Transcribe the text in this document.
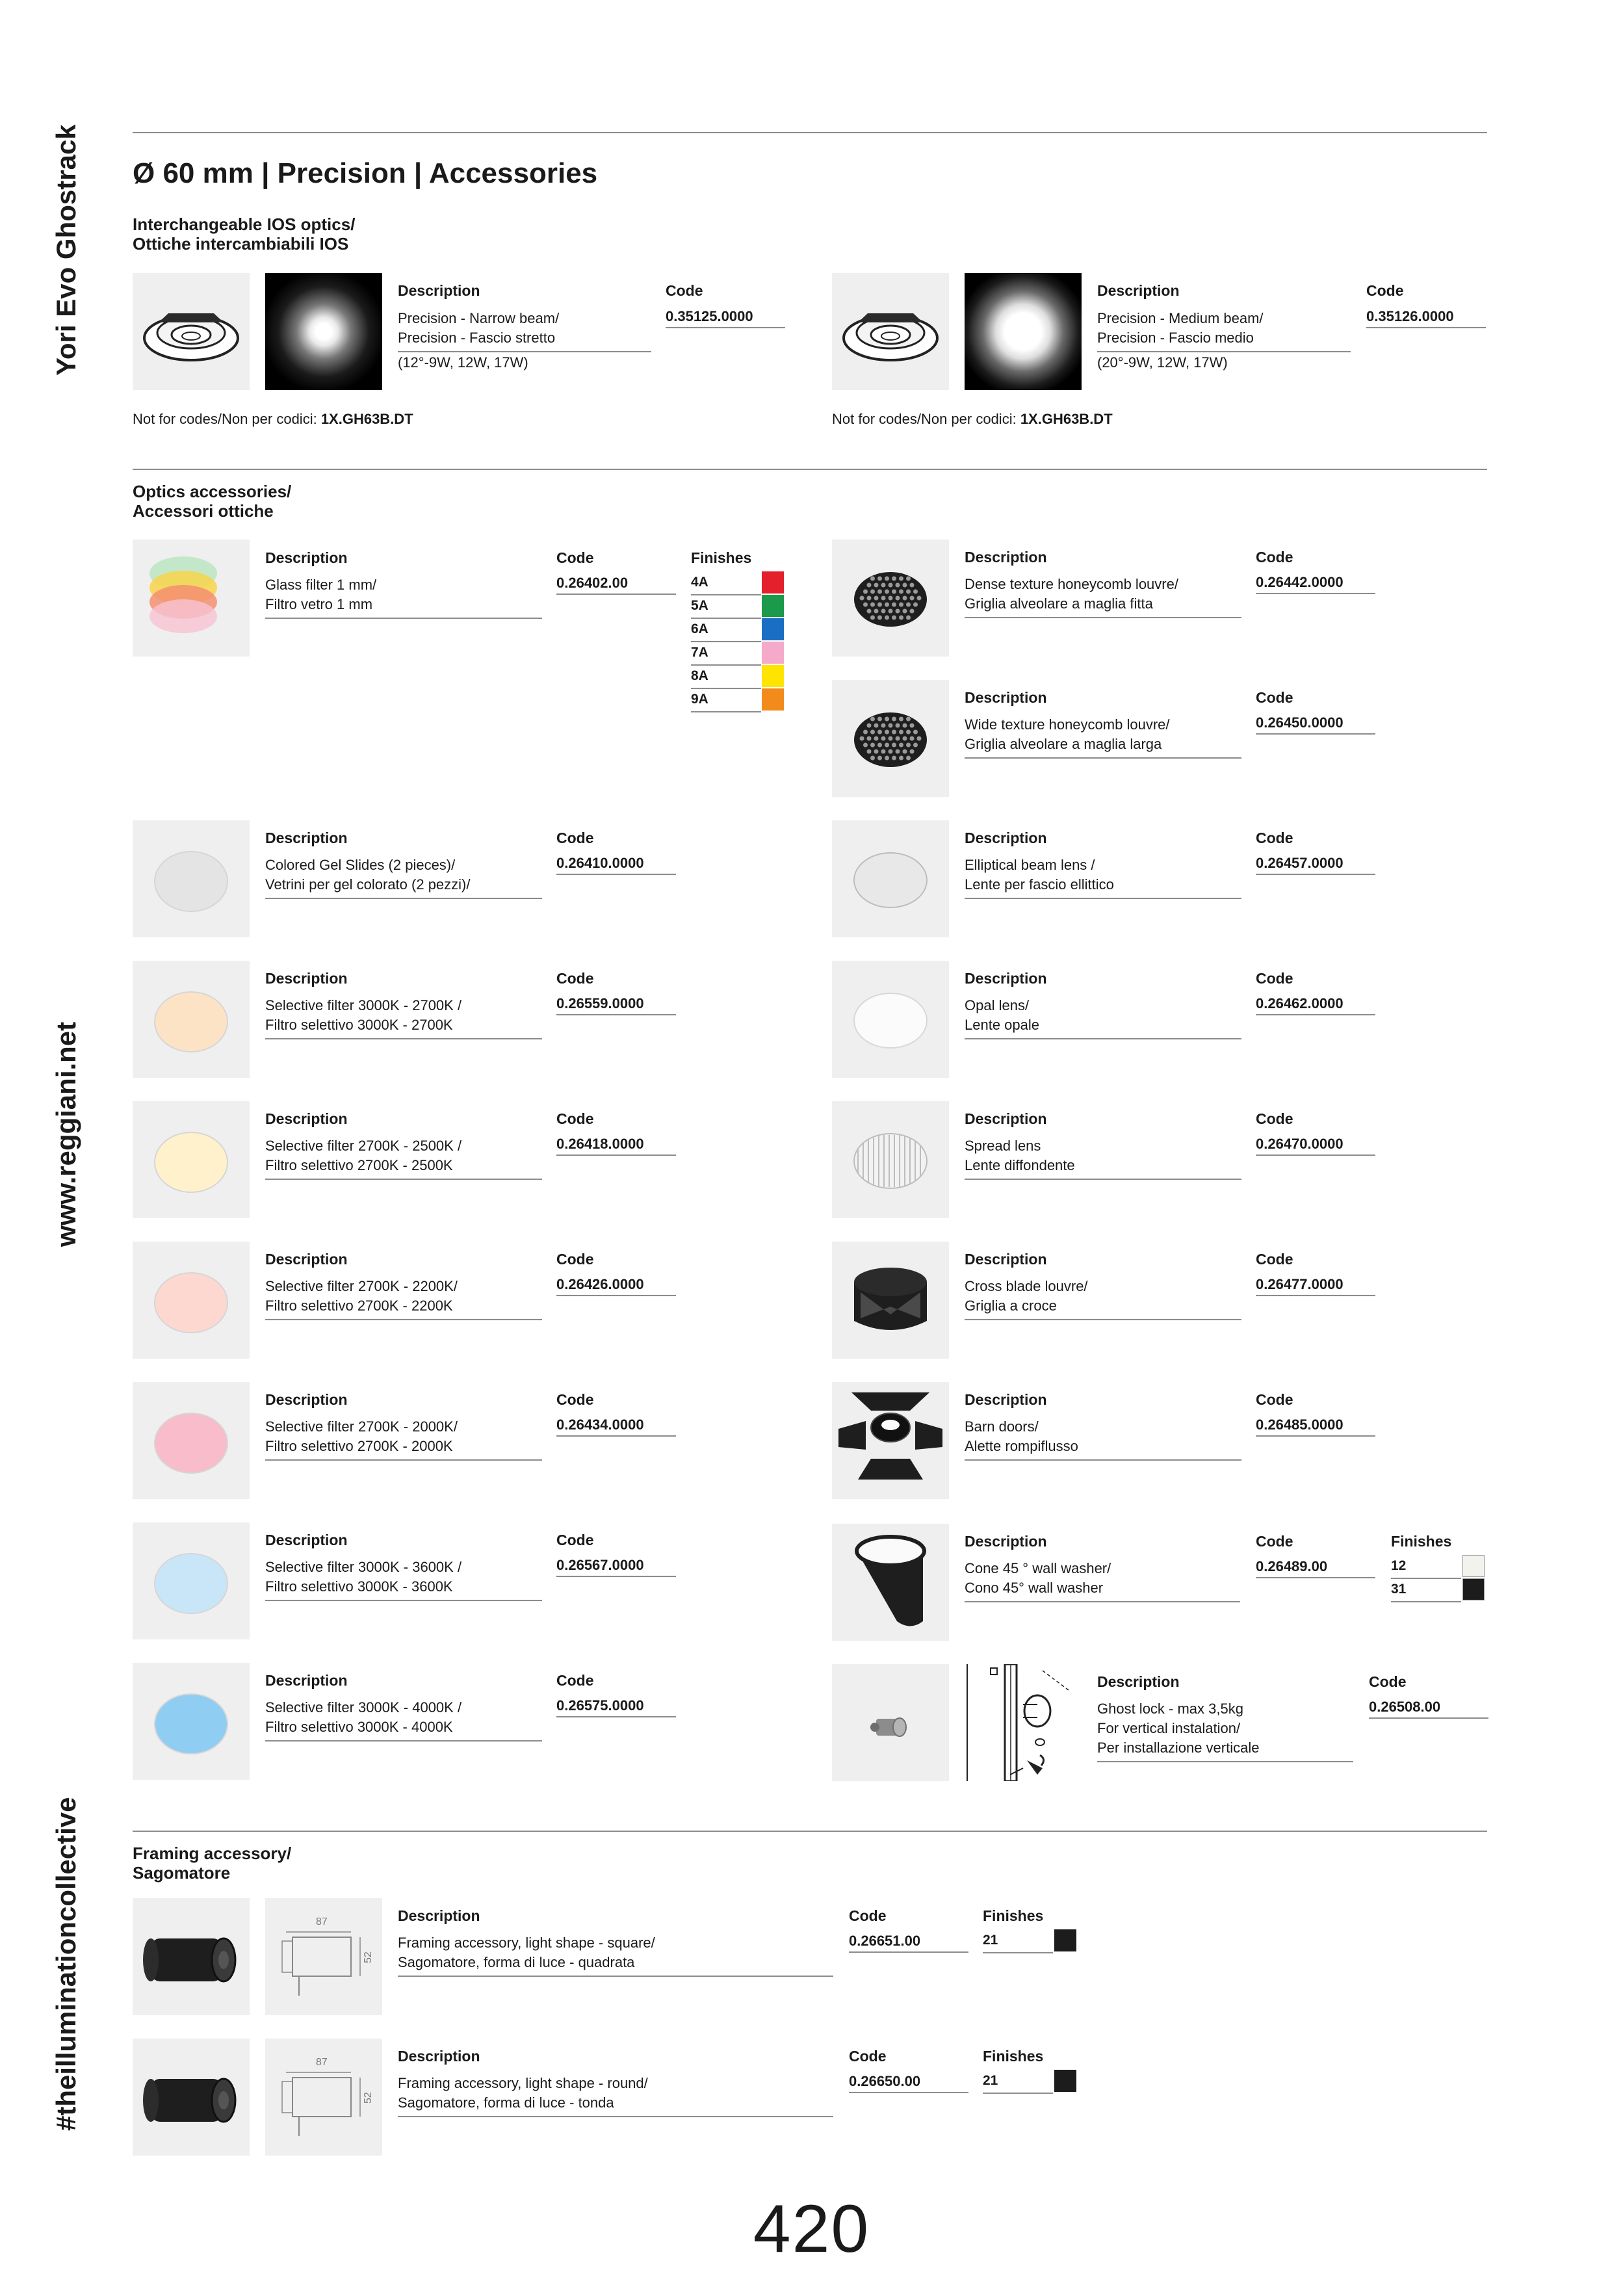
Yori Evo Ghostrack
www.reggiani.net
#theilluminationcollective
Ø 60 mm | Precision | Accessories
Interchangeable IOS optics/
Ottiche intercambiabili IOS
Description
Precision - Narrow beam/
Precision - Fascio stretto
(12°-9W, 12W, 17W)
Code
0.35125.0000
Not for codes/Non per codici: 1X.GH63B.DT
Description
Precision - Medium beam/
Precision - Fascio medio
(20°-9W, 12W, 17W)
Code
0.35126.0000
Not for codes/Non per codici: 1X.GH63B.DT
Optics accessories/
Accessori ottiche
Description
Glass filter 1 mm/
Filtro vetro 1 mm
Code
0.26402.00
Finishes
4A
5A
6A
7A
8A
9A
Description
Colored Gel Slides (2 pieces)/
Vetrini per gel colorato (2 pezzi)/
Code
0.26410.0000
Description
Selective filter 3000K - 2700K /
Filtro selettivo 3000K - 2700K
Code
0.26559.0000
Description
Selective filter 2700K - 2500K /
Filtro selettivo 2700K - 2500K
Code
0.26418.0000
Description
Selective filter 2700K - 2200K/
Filtro selettivo 2700K - 2200K
Code
0.26426.0000
Description
Selective filter 2700K - 2000K/
Filtro selettivo 2700K - 2000K
Code
0.26434.0000
Description
Selective filter 3000K - 3600K /
Filtro selettivo 3000K - 3600K
Code
0.26567.0000
Description
Selective filter 3000K - 4000K /
Filtro selettivo 3000K - 4000K
Code
0.26575.0000
Description
Dense texture honeycomb louvre/
Griglia alveolare a maglia fitta
Code
0.26442.0000
Description
Wide texture honeycomb louvre/
Griglia alveolare a maglia larga
Code
0.26450.0000
Description
Elliptical beam lens /
Lente per fascio ellittico
Code
0.26457.0000
Description
Opal lens/
Lente opale
Code
0.26462.0000
Description
Spread lens
Lente diffondente
Code
0.26470.0000
Description
Cross blade louvre/
Griglia a croce
Code
0.26477.0000
Description
Barn doors/
Alette rompiflusso
Code
0.26485.0000
Description
Cone 45 ° wall washer/
Cono 45° wall washer
Code
0.26489.00
Finishes
12
31
Description
Ghost lock - max 3,5kg
For vertical instalation/
Per installazione verticale
Code
0.26508.00
Framing accessory/
Sagomatore
87
52
Description
Framing accessory, light shape - square/
Sagomatore, forma di luce - quadrata
Code
0.26651.00
Finishes
21
87
52
Description
Framing accessory, light shape - round/
Sagomatore, forma di luce - tonda
Code
0.26650.00
Finishes
21
420
